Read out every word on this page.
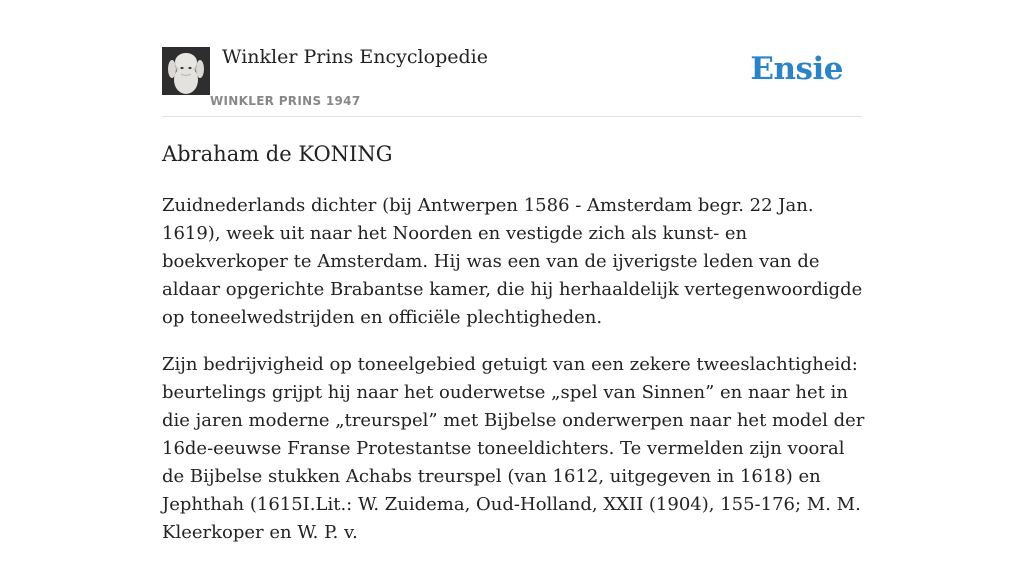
Winkler Prins Encyclopedie
WINKLER PRINS 1947
Ensie
Abraham de KONING

Zuidnederlands dichter (bij Antwerpen 1586 - Amsterdam begr. 22 Jan. 1619), week uit naar het Noorden en vestigde zich als kunst- en boekverkoper te Amsterdam. Hij was een van de ijverigste leden van de aldaar opgerichte Brabantse kamer, die hij herhaaldelijk vertegenwoordigde op toneelwedstrijden en officiële plechtigheden.

Zijn bedrijvigheid op toneelgebied getuigt van een zekere tweeslachtigheid: beurtelings grijpt hij naar het ouderwetse „spel van Sinnen” en naar het in die jaren moderne „treurspel” met Bijbelse onderwerpen naar het model der 16de-eeuwse Franse Protestantse toneeldichters. Te vermelden zijn vooral de Bijbelse stukken Achabs treurspel (van 1612, uitgegeven in 1618) en Jephthah (1615I.Lit.: W. Zuidema, Oud-Holland, XXII (1904), 155-176; M. M. Kleerkoper en W. P. v.
